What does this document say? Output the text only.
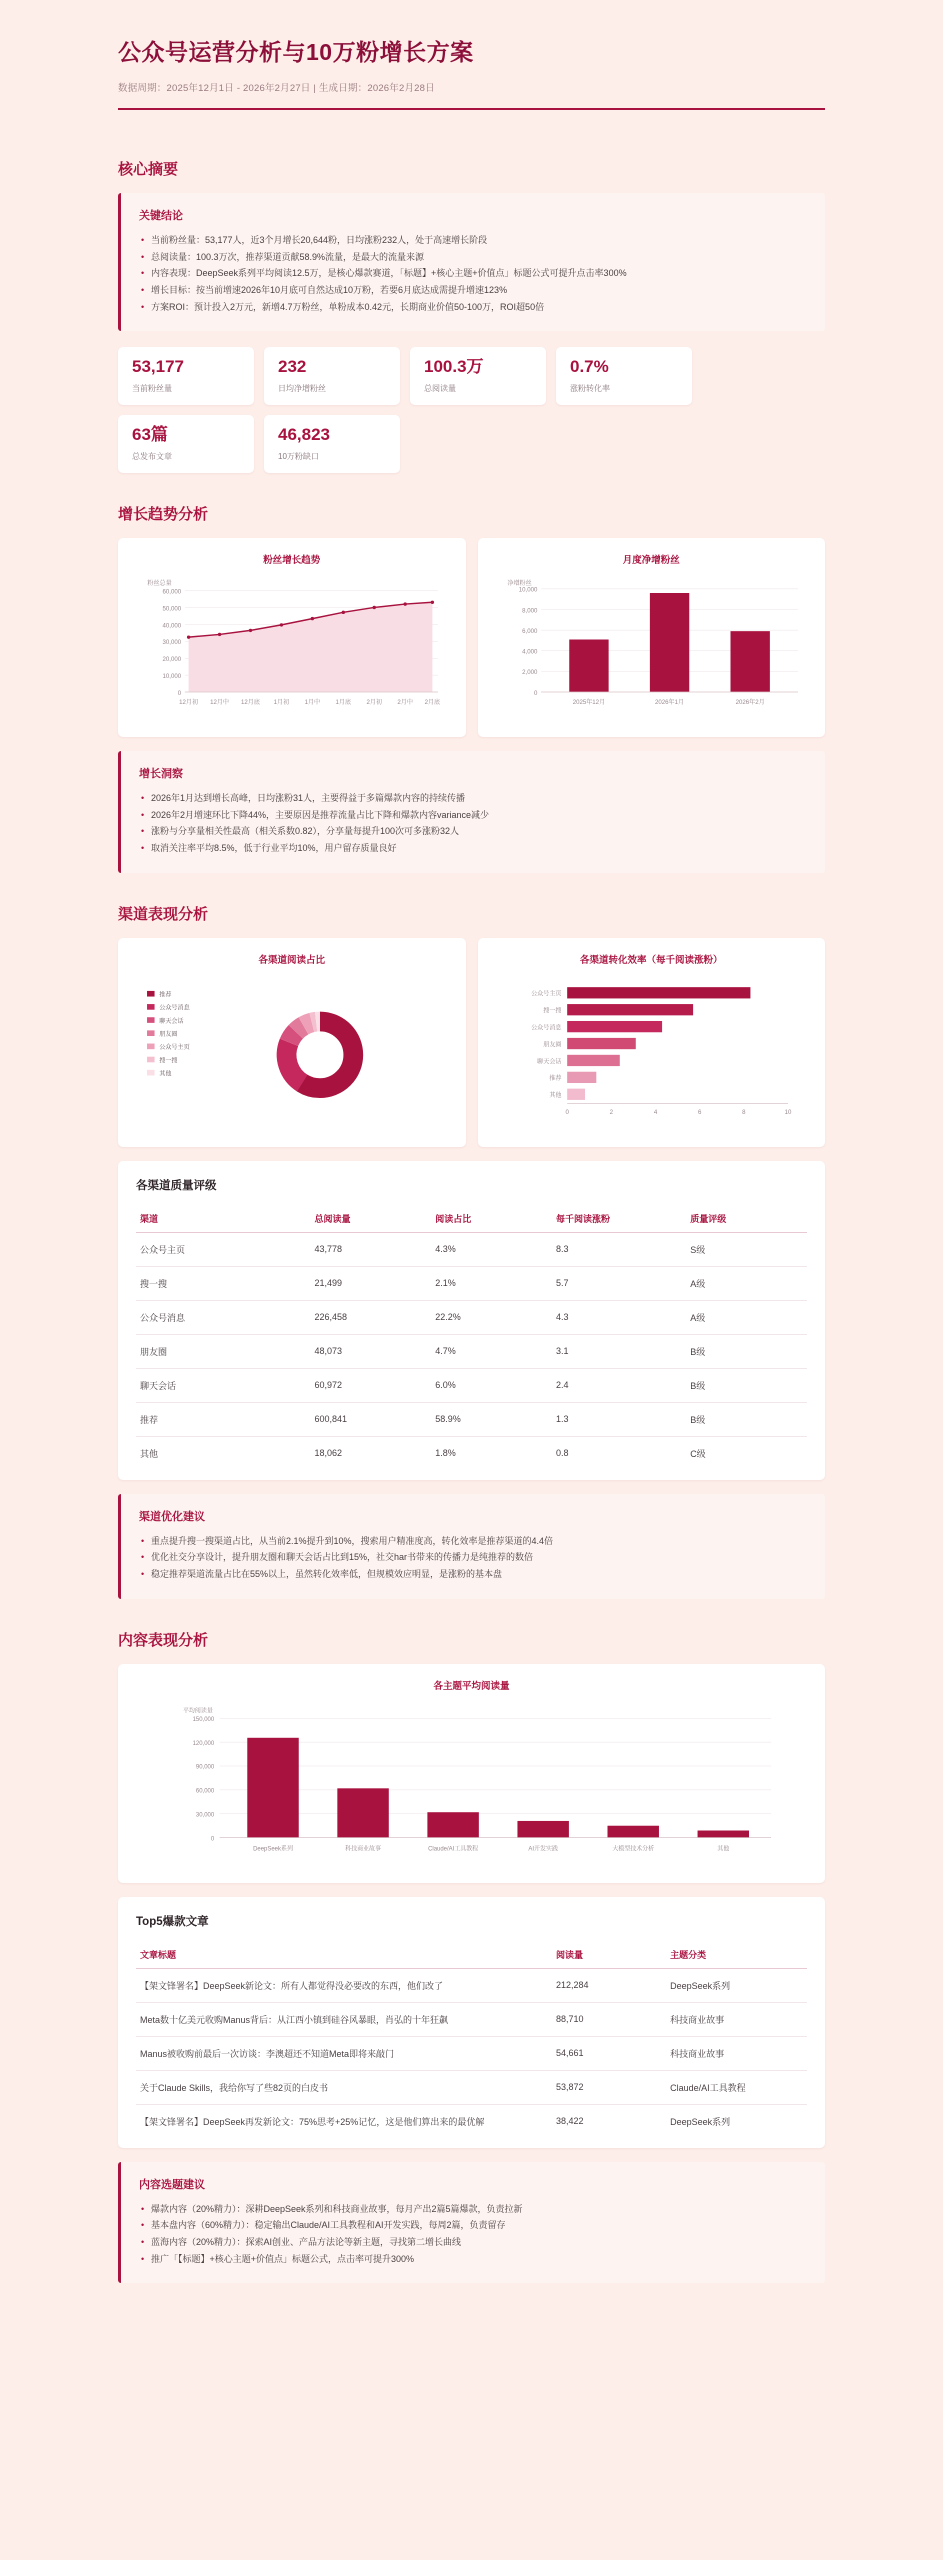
公众号运营分析与10万粉增长方案
数据周期：2025年12月1日 - 2026年2月27日 | 生成日期：2026年2月28日
核心摘要
关键结论
• 当前粉丝量：53,177人，近3个月增长20,644粉，日均涨粉232人，处于高速增长阶段
• 总阅读量：100.3万次，推荐渠道贡献58.9%流量，是最大的流量来源
• 内容表现：DeepSeek系列平均阅读12.5万，是核心爆款赛道，「标题】+核心主题+价值点」标题公式可提升点击率300%
• 增长目标：按当前增速2026年10月底可自然达成10万粉，若要6月底达成需提升增速123%
• 方案ROI：预计投入2万元，新增4.7万粉丝，单粉成本0.42元，长期商业价值50-100万，ROI超50倍
53,177
当前粉丝量
232
日均净增粉丝
100.3万
总阅读量
0.7%
涨粉转化率
63篇
总发布文章
46,823
10万粉缺口
增长趋势分析
粉丝增长趋势
粉丝总量
0
10,000
20,000
30,000
40,000
50,000
60,000
12月初 12月中 12月底 1月初 1月中 1月底 2月初 2月中 2月底
月度净增粉丝
净增粉丝
0
2,000
4,000
6,000
8,000
10,000
2025年12月	2026年1月	2026年2月
增长洞察
• 2026年1月达到增长高峰，日均涨粉31人，主要得益于多篇爆款内容的持续传播
• 2026年2月增速环比下降44%，主要原因是推荐流量占比下降和爆款内容variance减少
• 涨粉与分享量相关性最高（相关系数0.82），分享量每提升100次可多涨粉32人
• 取消关注率平均8.5%，低于行业平均10%，用户留存质量良好
渠道表现分析
各渠道阅读占比
推荐
公众号消息
聊天会话
朋友圈
公众号主页
搜一搜
其他
各渠道转化效率（每千阅读涨粉）
公众号主页
搜一搜
公众号消息
朋友圈
聊天会话
推荐
其他
0	2	4	6	8	10
各渠道质量评级
渠道	总阅读量	阅读占比	每千阅读涨粉	质量评级
公众号主页	43,778	4.3%	8.3	S级
搜一搜	21,499	2.1%	5.7	A级
公众号消息	226,458	22.2%	4.3	A级
朋友圈	48,073	4.7%	3.1	B级
聊天会话	60,972	6.0%	2.4	B级
推荐	600,841	58.9%	1.3	B级
其他	18,062	1.8%	0.8	C级
渠道优化建议
• 重点提升搜一搜渠道占比，从当前2.1%提升到10%，搜索用户精准度高，转化效率是推荐渠道的4.4倍
• 优化社交分享设计，提升朋友圈和聊天会话占比到15%，社交har书带来的传播力是纯推荐的数倍
• 稳定推荐渠道流量占比在55%以上，虽然转化效率低，但规模效应明显，是涨粉的基本盘
内容表现分析
各主题平均阅读量
平均阅读量
0
30,000
60,000
90,000
120,000
150,000
DeepSeek系列	科技商业故事	Claude/AI工具教程	AI开发实践	大模型技术分析	其他
Top5爆款文章
文章标题	阅读量	主题分类
【架文锋署名】DeepSeek新论文：所有人都觉得没必要改的东西，他们改了	212,284	DeepSeek系列
Meta数十亿美元收购Manus背后：从江西小镇到硅谷风暴眼，肖弘的十年狂飙	88,710	科技商业故事
Manus被收购前最后一次访谈：李澳超还不知道Meta即将来敲门	54,661	科技商业故事
关于Claude Skills，我给你写了些82页的白皮书	53,872	Claude/AI工具教程
【架文锋署名】DeepSeek再发新论文：75%思考+25%记忆，这是他们算出来的最优解	38,422	DeepSeek系列
内容选题建议
• 爆款内容（20%精力）：深耕DeepSeek系列和科技商业故事，每月产出2篇5篇爆款，负责拉新
• 基本盘内容（60%精力）：稳定输出Claude/AI工具教程和AI开发实践，每周2篇，负责留存
• 蓝海内容（20%精力）：探索AI创业、产品方法论等新主题，寻找第二增长曲线
• 推广「【标题】+核心主题+价值点」标题公式，点击率可提升300%
